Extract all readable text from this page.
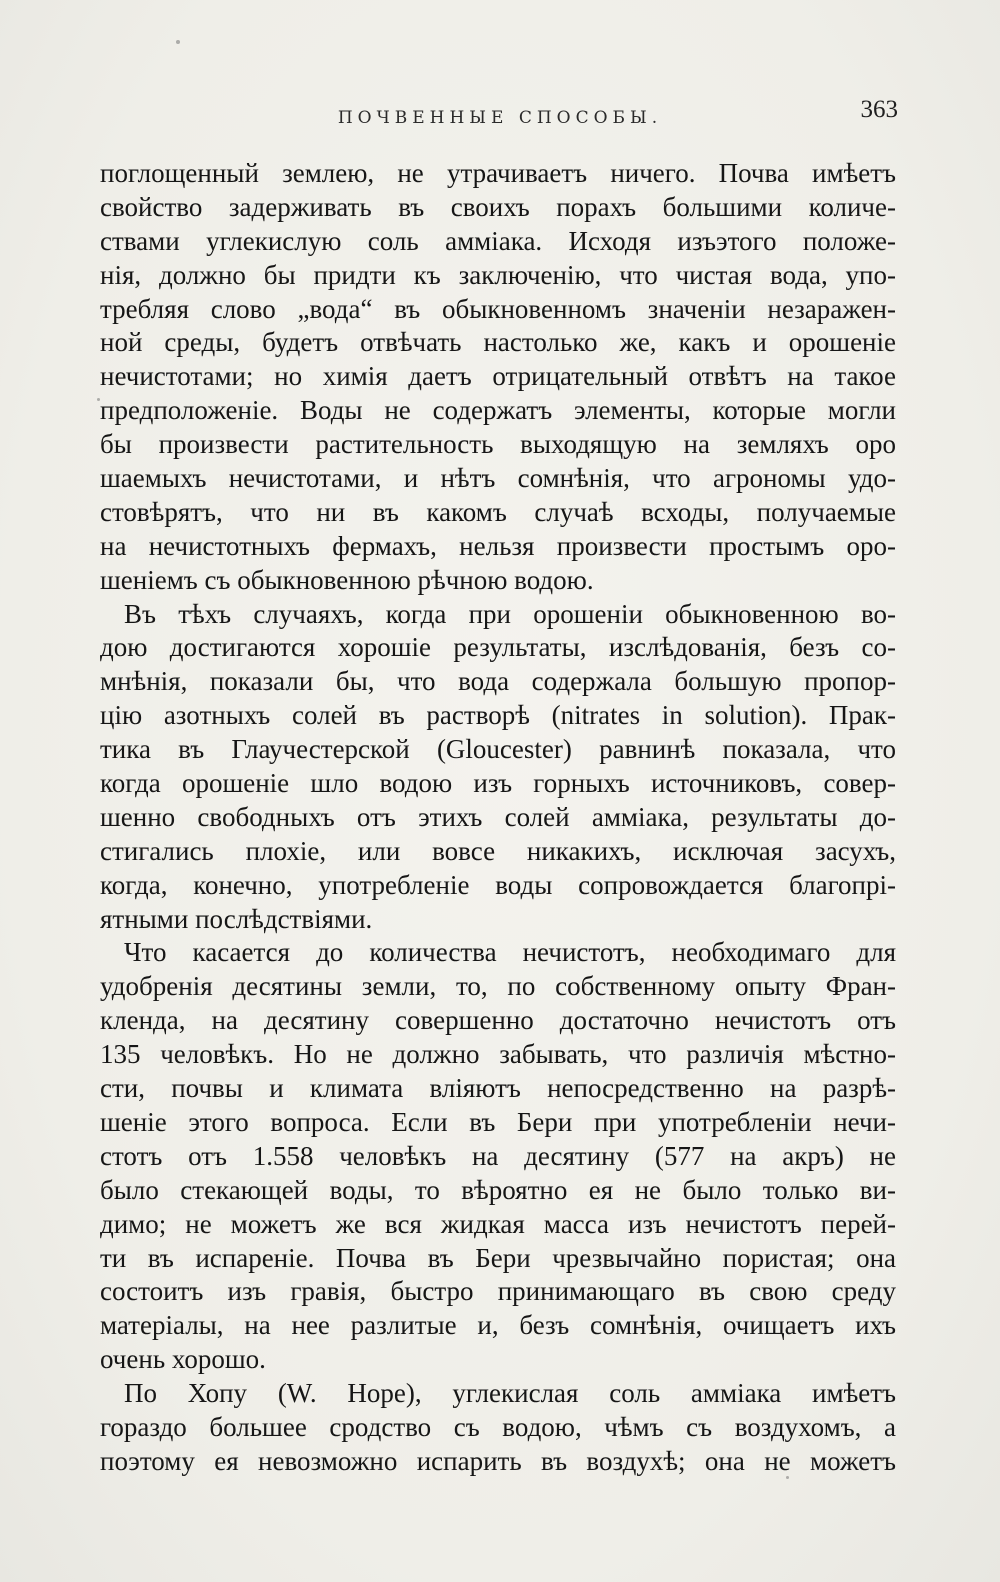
ПОЧВЕННЫЕ СПОСОБЫ.	363
поглощенный землею, не утрачиваетъ ничего. Почва имѣетъ
свойство задерживать въ своихъ порахъ большими количе-
ствами углекислую соль амміака. Исходя изъэтого положе-
нія, должно бы придти къ заключенію, что чистая вода, упо-
требляя слово „вода“ въ обыкновенномъ значеніи незаражен-
ной среды, будетъ отвѣчать настолько же, какъ и орошеніе
нечистотами; но химія даетъ отрицательный отвѣтъ на такое
предположеніе. Воды не содержатъ элементы, которые могли
бы произвести растительность выходящую на земляхъ оро
шаемыхъ нечистотами, и нѣтъ сомнѣнія, что агрономы удо-
стовѣрятъ, что ни въ какомъ случаѣ всходы, получаемые
на нечистотныхъ фермахъ, нельзя произвести простымъ оро-
шеніемъ съ обыкновенною рѣчною водою.
Въ тѣхъ случаяхъ, когда при орошеніи обыкновенною во-
дою достигаются хорошіе результаты, изслѣдованія, безъ со-
мнѣнія, показали бы, что вода содержала большую пропор-
цію азотныхъ солей въ растворѣ (nitrates in solution). Прак-
тика въ Глаучестерской (Gloucester) равнинѣ показала, что
когда орошеніе шло водою изъ горныхъ источниковъ, совер-
шенно свободныхъ отъ этихъ солей амміака, результаты до-
стигались плохіе, или вовсе никакихъ, исключая засухъ,
когда, конечно, употребленіе воды сопровождается благопрі-
ятными послѣдствіями.
Что касается до количества нечистотъ, необходимаго для
удобренія десятины земли, то, по собственному опыту Фран-
кленда, на десятину совершенно достаточно нечистотъ отъ
135 человѣкъ. Но не должно забывать, что различія мѣстно-
сти, почвы и климата вліяютъ непосредственно на разрѣ-
шеніе этого вопроса. Если въ Бери при употребленіи нечи-
стотъ отъ 1.558 человѣкъ на десятину (577 на акръ) не
было стекающей воды, то вѣроятно ея не было только ви-
димо; не можетъ же вся жидкая масса изъ нечистотъ перей-
ти въ испареніе. Почва въ Бери чрезвычайно пористая; она
состоитъ изъ гравія, быстро принимающаго въ свою среду
матеріалы, на нее разлитые и, безъ сомнѣнія, очищаетъ ихъ
очень хорошо.
По Хопу (W. Hope), углекислая соль амміака имѣетъ
гораздо большее сродство съ водою, чѣмъ съ воздухомъ, а
поэтому ея невозможно испарить въ воздухѣ; она не можетъ
